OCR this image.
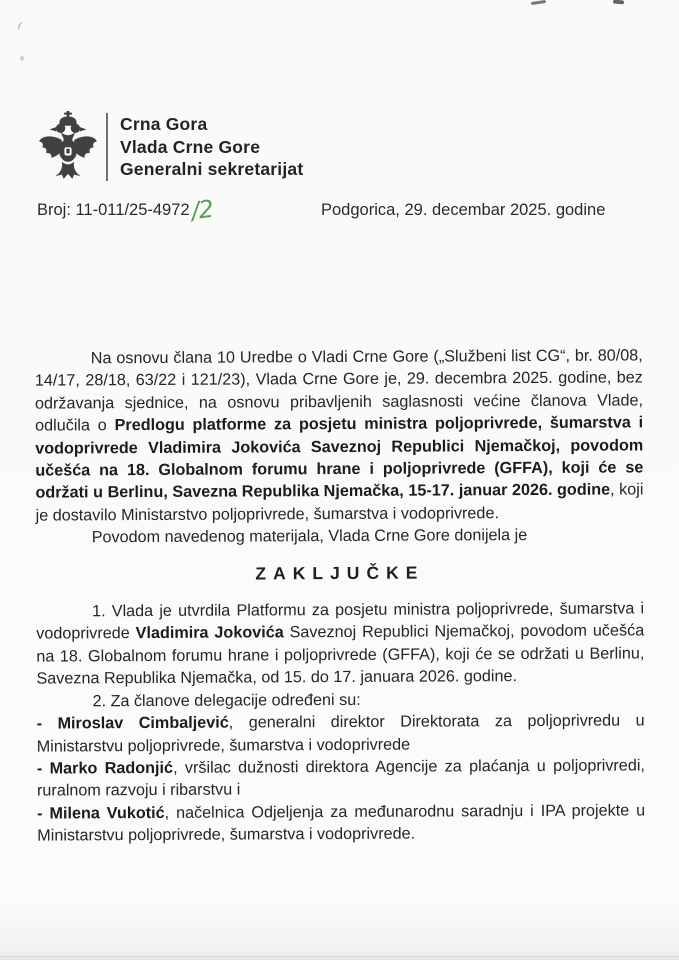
Crna Gora
Vlada Crne Gore
Generalni sekretarijat
Broj: 11-011/25-4972/2	Podgorica, 29. decembar 2025. godine

Na osnovu člana 10 Uredbe o Vladi Crne Gore („Službeni list CG“, br. 80/08, 14/17, 28/18, 63/22 i 121/23), Vlada Crne Gore je, 29. decembra 2025. godine, bez održavanja sjednice, na osnovu pribavljenih saglasnosti većine članova Vlade, odlučila o Predlogu platforme za posjetu ministra poljoprivrede, šumarstva i vodoprivrede Vladimira Jokovića Saveznoj Republici Njemačkoj, povodom učešća na 18. Globalnom forumu hrane i poljoprivrede (GFFA), koji će se održati u Berlinu, Savezna Republika Njemačka, 15-17. januar 2026. godine, koji je dostavilo Ministarstvo poljoprivrede, šumarstva i vodoprivrede.

Povodom navedenog materijala, Vlada Crne Gore donijela je

ZAKLJUČKE

1. Vlada je utvrdila Platformu za posjetu ministra poljoprivrede, šumarstva i vodoprivrede Vladimira Jokovića Saveznoj Republici Njemačkoj, povodom učešća na 18. Globalnom forumu hrane i poljoprivrede (GFFA), koji će se održati u Berlinu, Savezna Republika Njemačka, od 15. do 17. januara 2026. godine.

2. Za članove delegacije određeni su:

- Miroslav Cimbaljević, generalni direktor Direktorata za poljoprivredu u Ministarstvu poljoprivrede, šumarstva i vodoprivrede

- Marko Radonjić, vršilac dužnosti direktora Agencije za plaćanja u poljoprivredi, ruralnom razvoju i ribarstvu i

- Milena Vukotić, načelnica Odjeljenja za međunarodnu saradnju i IPA projekte u Ministarstvu poljoprivrede, šumarstva i vodoprivrede.
